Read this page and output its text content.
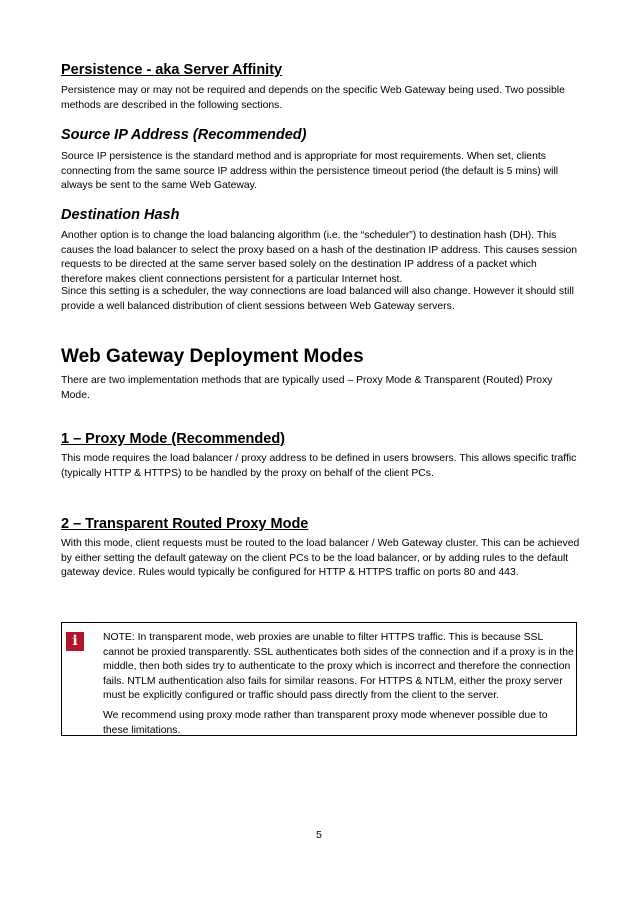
Persistence - aka Server Affinity

Persistence may or may not be required and depends on the specific Web Gateway being used. Two possible methods are described in the following sections.

Source IP Address (Recommended)

Source IP persistence is the standard method and is appropriate for most requirements. When set, clients connecting from the same source IP address within the persistence timeout period (the default is 5 mins) will always be sent to the same Web Gateway.

Destination Hash

Another option is to change the load balancing algorithm (i.e. the “scheduler”) to destination hash (DH). This causes the load balancer to select the proxy based on a hash of the destination IP address. This causes session requests to be directed at the same server based solely on the destination IP address of a packet which therefore makes client connections persistent for a particular Internet host.

Since this setting is a scheduler, the way connections are load balanced will also change. However it should still provide a well balanced distribution of client sessions between Web Gateway servers.

Web Gateway Deployment Modes

There are two implementation methods that are typically used – Proxy Mode & Transparent (Routed) Proxy Mode.

1 – Proxy Mode (Recommended)

This mode requires the load balancer / proxy address to be defined in users browsers. This allows specific traffic (typically HTTP & HTTPS) to be handled by the proxy on behalf of the client PCs.

2 – Transparent Routed Proxy Mode

With this mode, client requests must be routed to the load balancer / Web Gateway cluster. This can be achieved by either setting the default gateway on the client PCs to be the load balancer, or by adding rules to the default gateway device. Rules would typically be configured for HTTP & HTTPS traffic on ports 80 and 443.

i	NOTE: In transparent mode, web proxies are unable to filter HTTPS traffic. This is because SSL cannot be proxied transparently. SSL authenticates both sides of the connection and if a proxy is in the middle, then both sides try to authenticate to the proxy which is incorrect and therefore the connection fails. NTLM authentication also fails for similar reasons. For HTTPS & NTLM, either the proxy server must be explicitly configured or traffic should pass directly from the client to the server.

We recommend using proxy mode rather than transparent proxy mode whenever possible due to these limitations.

5
